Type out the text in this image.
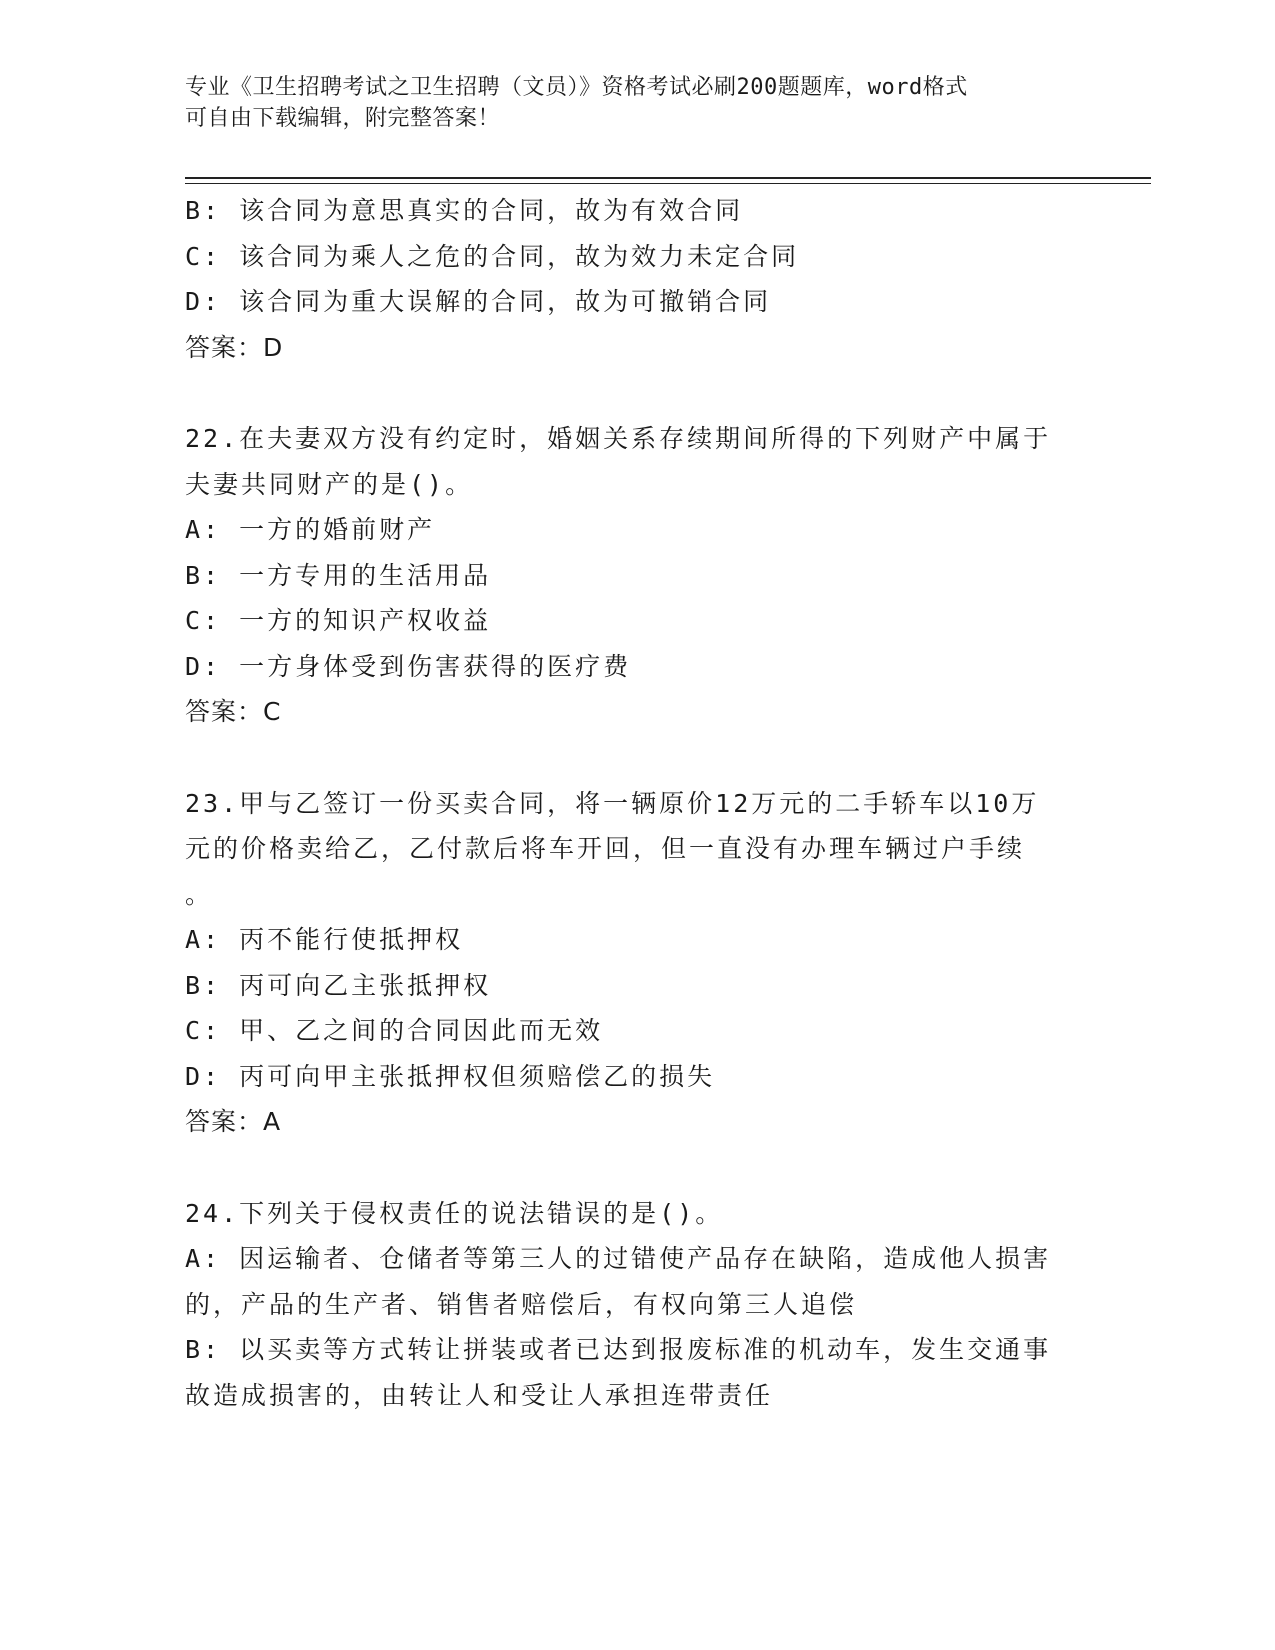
专业《卫生招聘考试之卫生招聘（文员）》资格考试必刷200题题库，word格式
可自由下载编辑，附完整答案！
B: 该合同为意思真实的合同，故为有效合同
C: 该合同为乘人之危的合同，故为效力未定合同
D: 该合同为重大误解的合同，故为可撤销合同
答案：D
22.在夫妻双方没有约定时，婚姻关系存续期间所得的下列财产中属于
夫妻共同财产的是()。
A: 一方的婚前财产
B: 一方专用的生活用品
C: 一方的知识产权收益
D: 一方身体受到伤害获得的医疗费
答案：C
23.甲与乙签订一份买卖合同，将一辆原价12万元的二手轿车以10万
元的价格卖给乙，乙付款后将车开回，但一直没有办理车辆过户手续
。
A: 丙不能行使抵押权
B: 丙可向乙主张抵押权
C: 甲、乙之间的合同因此而无效
D: 丙可向甲主张抵押权但须赔偿乙的损失
答案：A
24.下列关于侵权责任的说法错误的是()。
A: 因运输者、仓储者等第三人的过错使产品存在缺陷，造成他人损害
的，产品的生产者、销售者赔偿后，有权向第三人追偿
B: 以买卖等方式转让拼装或者已达到报废标准的机动车，发生交通事
故造成损害的，由转让人和受让人承担连带责任
